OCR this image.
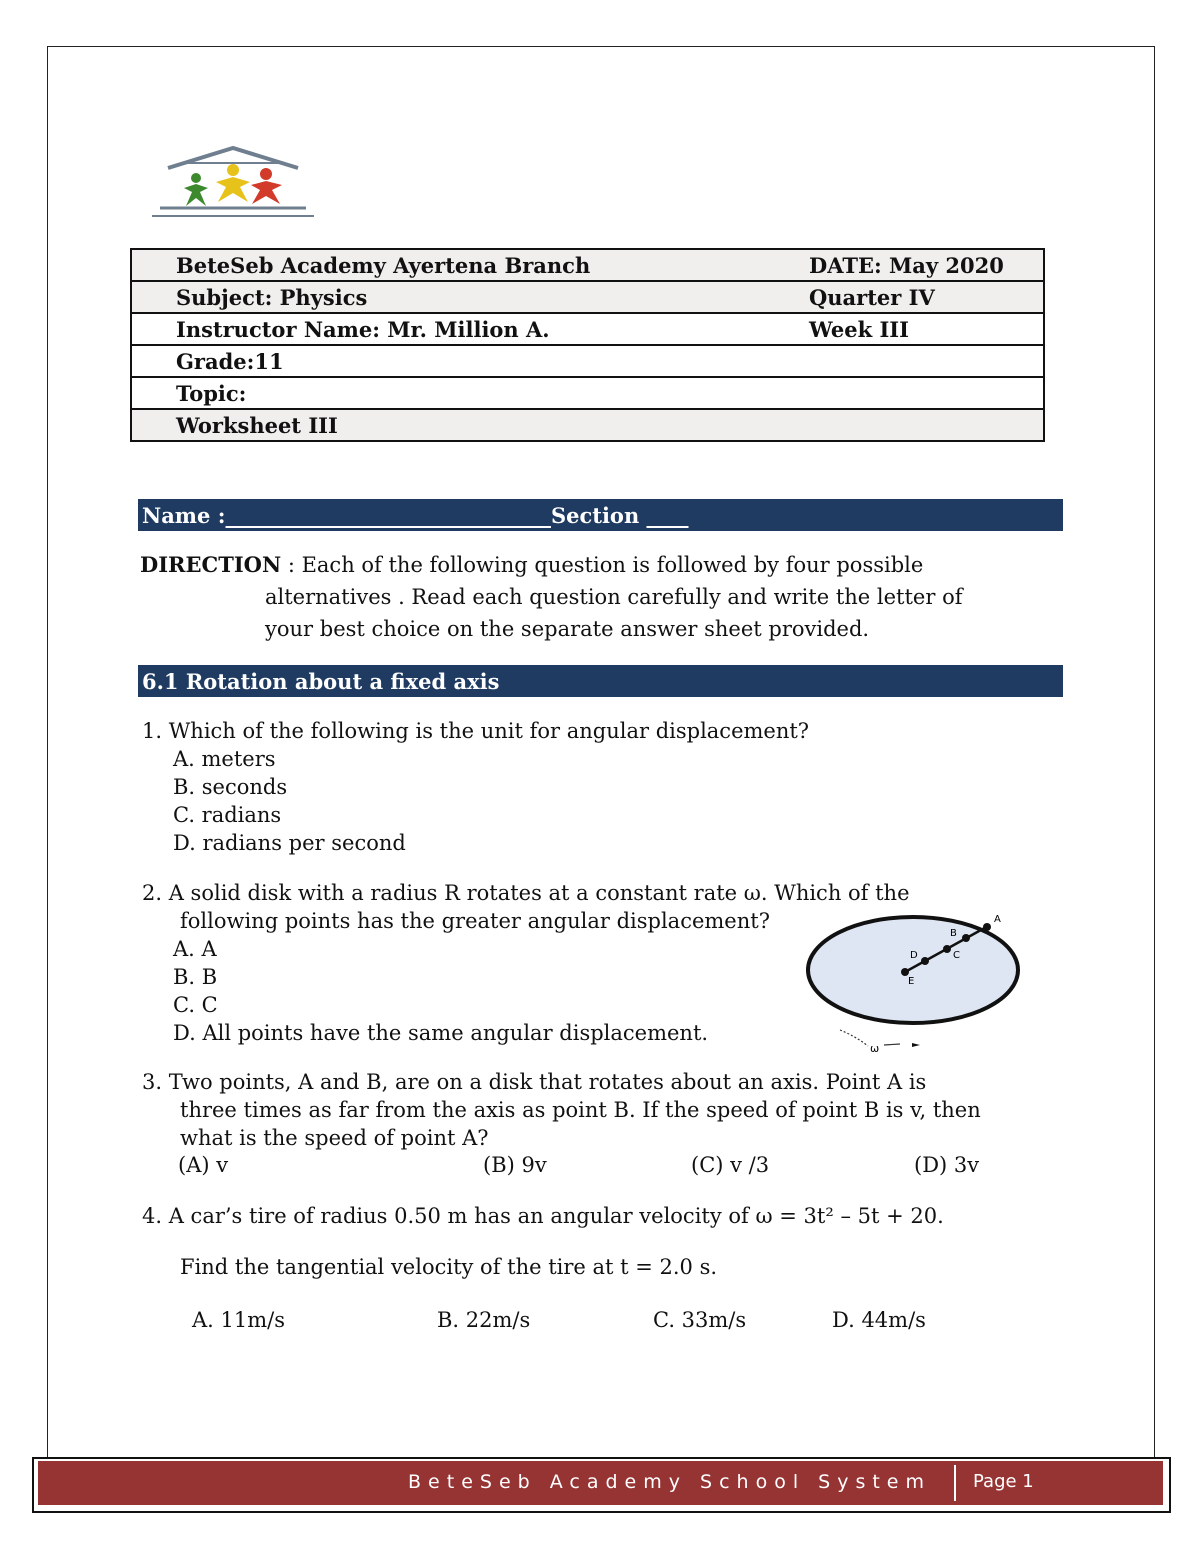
BeteSeb Academy Ayertena Branch	DATE: May 2020

Subject: Physics	Quarter IV

Instructor Name: Mr. Million A.	Week III

Grade:11

Topic:

Worksheet III
Name :_______________________________Section ____
DIRECTION : Each of the following question is followed by four possible
alternatives . Read each question carefully and write the letter of
your best choice on the separate answer sheet provided.
6.1 Rotation about a fixed axis
1. Which of the following is the unit for angular displacement?
A. meters
B. seconds
C. radians
D. radians per second
2. A solid disk with a radius R rotates at a constant rate ω. Which of the
following points has the greater angular displacement?
A. A
B. B
C. C
D. All points have the same angular displacement.
A
B
C
D
E
ω
3. Two points, A and B, are on a disk that rotates about an axis. Point A is
three times as far from the axis as point B. If the speed of point B is v, then
what is the speed of point A?
(A) v	(B) 9v	(C) v /3	(D) 3v
4. A car’s tire of radius 0.50 m has an angular velocity of ω = 3t² – 5t + 20.
Find the tangential velocity of the tire at t = 2.0 s.
A. 11m/s	B. 22m/s	C. 33m/s	D. 44m/s
BeteSeb Academy School System Page 1
